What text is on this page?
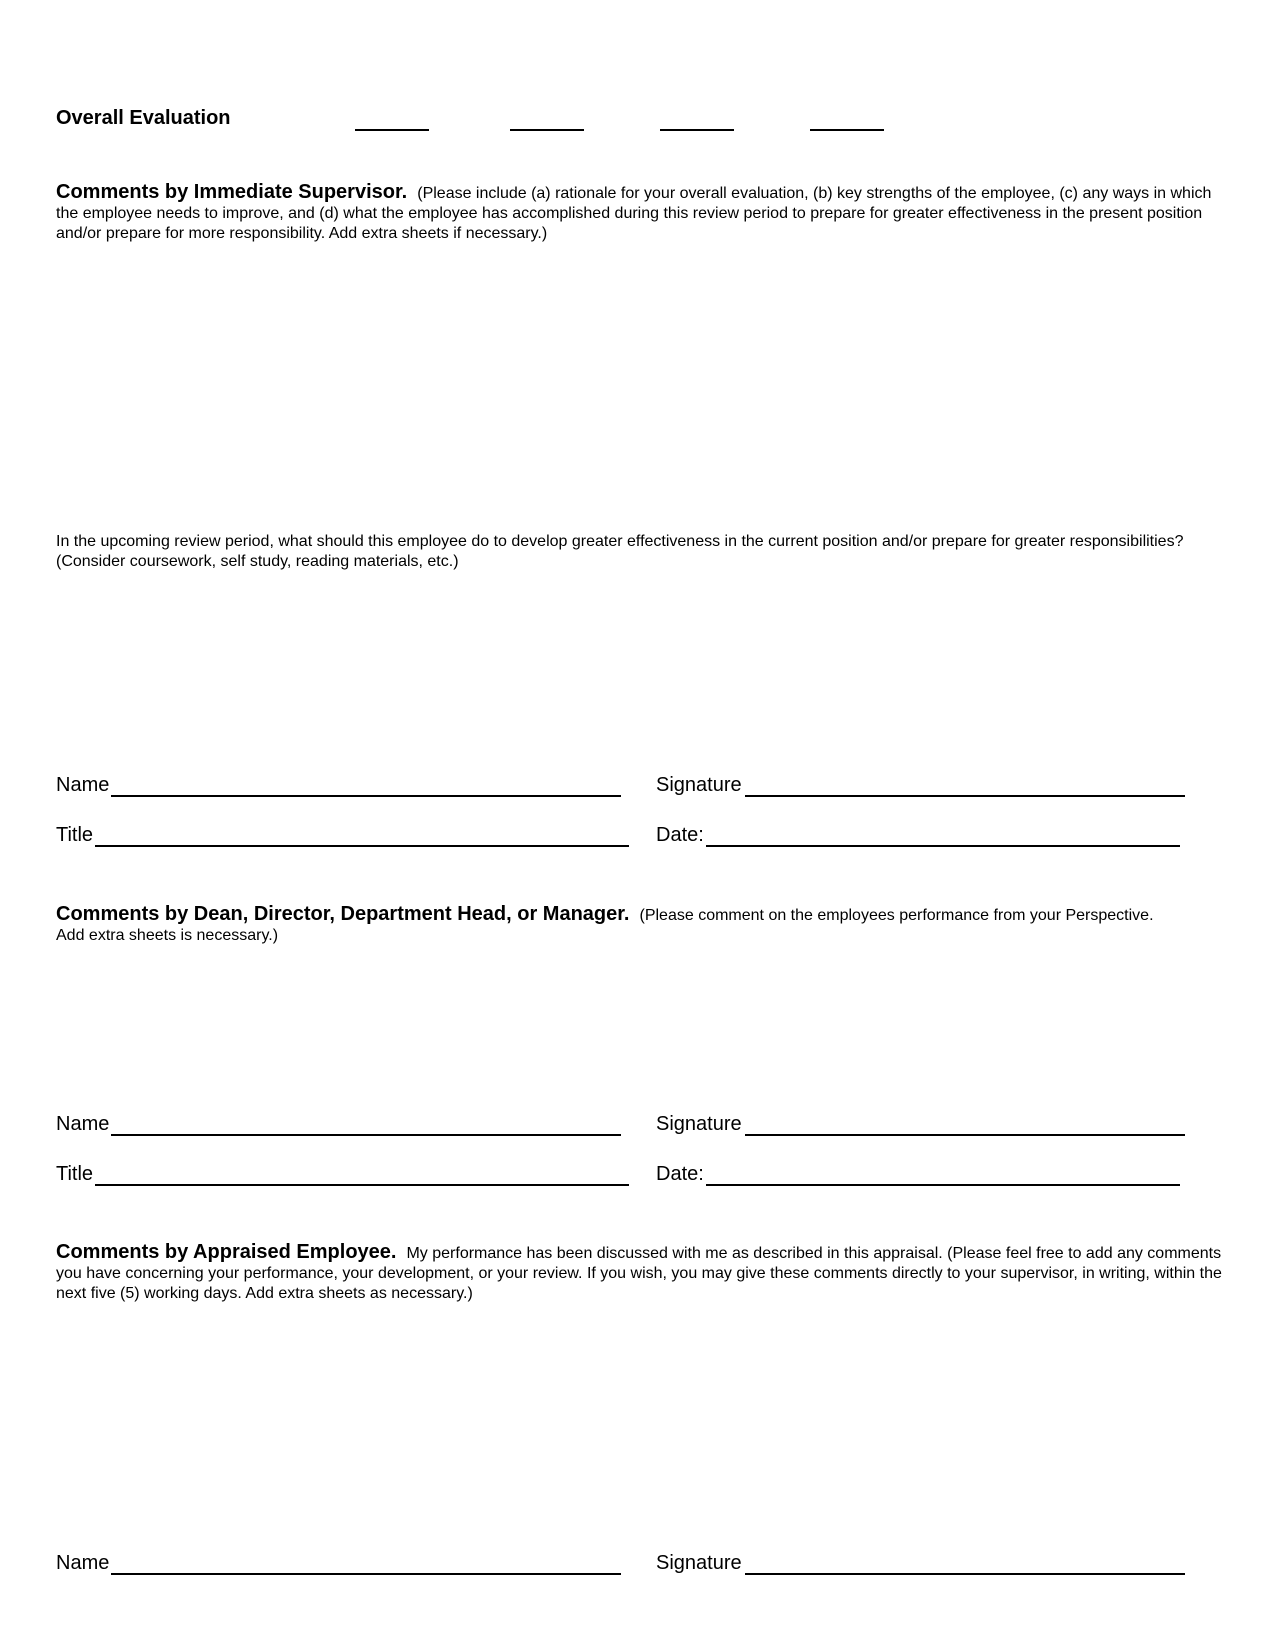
Overall Evaluation
Comments by Immediate Supervisor. (Please include (a) rationale for your overall evaluation, (b) key strengths of the employee, (c) any ways in which the employee needs to improve, and (d) what the employee has accomplished during this review period to prepare for greater effectiveness in the present position and/or prepare for more responsibility. Add extra sheets if necessary.)
In the upcoming review period, what should this employee do to develop greater effectiveness in the current position and/or prepare for greater responsibilities? (Consider coursework, self study, reading materials, etc.)
Name	Signature
Title	Date:
Comments by Dean, Director, Department Head, or Manager. (Please comment on the employees performance from your Perspective. Add extra sheets is necessary.)
Name	Signature
Title	Date:
Comments by Appraised Employee. My performance has been discussed with me as described in this appraisal. (Please feel free to add any comments you have concerning your performance, your development, or your review. If you wish, you may give these comments directly to your supervisor, in writing, within the next five (5) working days. Add extra sheets as necessary.)
Name	Signature
